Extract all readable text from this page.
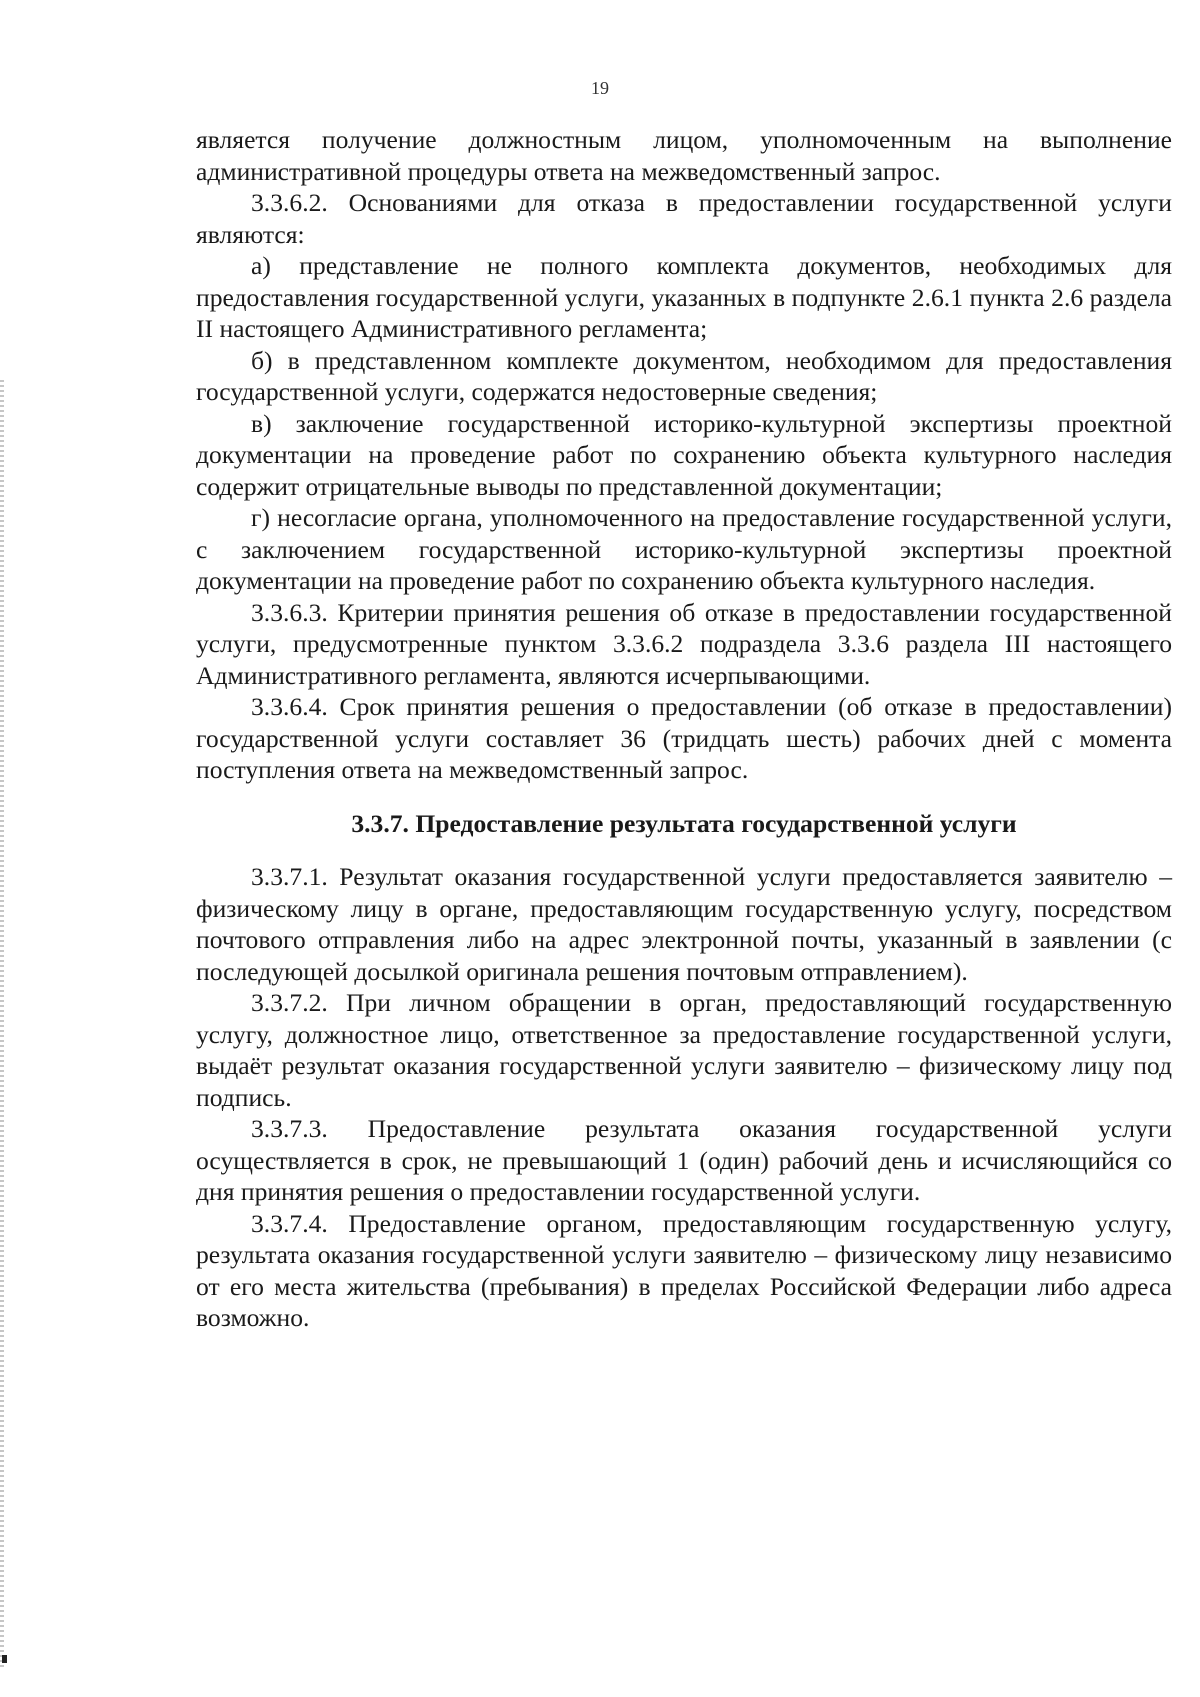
19

является получение должностным лицом, уполномоченным на выполнение административной процедуры ответа на межведомственный запрос.

3.3.6.2. Основаниями для отказа в предоставлении государственной услуги являются:

а) представление не полного комплекта документов, необходимых для предоставления государственной услуги, указанных в подпункте 2.6.1 пункта 2.6 раздела II настоящего Административного регламента;

б) в представленном комплекте документом, необходимом для предоставления государственной услуги, содержатся недостоверные сведения;

в) заключение государственной историко-культурной экспертизы проектной документации на проведение работ по сохранению объекта культурного наследия содержит отрицательные выводы по представленной документации;

г) несогласие органа, уполномоченного на предоставление государственной услуги, с заключением государственной историко-культурной экспертизы проектной документации на проведение работ по сохранению объекта культурного наследия.

3.3.6.3. Критерии принятия решения об отказе в предоставлении государственной услуги, предусмотренные пунктом 3.3.6.2 подраздела 3.3.6 раздела III настоящего Административного регламента, являются исчерпывающими.

3.3.6.4. Срок принятия решения о предоставлении (об отказе в предоставлении) государственной услуги составляет 36 (тридцать шесть) рабочих дней с момента поступления ответа на межведомственный запрос.

3.3.7. Предоставление результата государственной услуги

3.3.7.1. Результат оказания государственной услуги предоставляется заявителю – физическому лицу в органе, предоставляющим государственную услугу, посредством почтового отправления либо на адрес электронной почты, указанный в заявлении (с последующей досылкой оригинала решения почтовым отправлением).

3.3.7.2. При личном обращении в орган, предоставляющий государственную услугу, должностное лицо, ответственное за предоставление государственной услуги, выдаёт результат оказания государственной услуги заявителю – физическому лицу под подпись.

3.3.7.3. Предоставление результата оказания государственной услуги осуществляется в срок, не превышающий 1 (один) рабочий день и исчисляющийся со дня принятия решения о предоставлении государственной услуги.

3.3.7.4. Предоставление органом, предоставляющим государственную услугу, результата оказания государственной услуги заявителю – физическому лицу независимо от его места жительства (пребывания) в пределах Российской Федерации либо адреса возможно.
